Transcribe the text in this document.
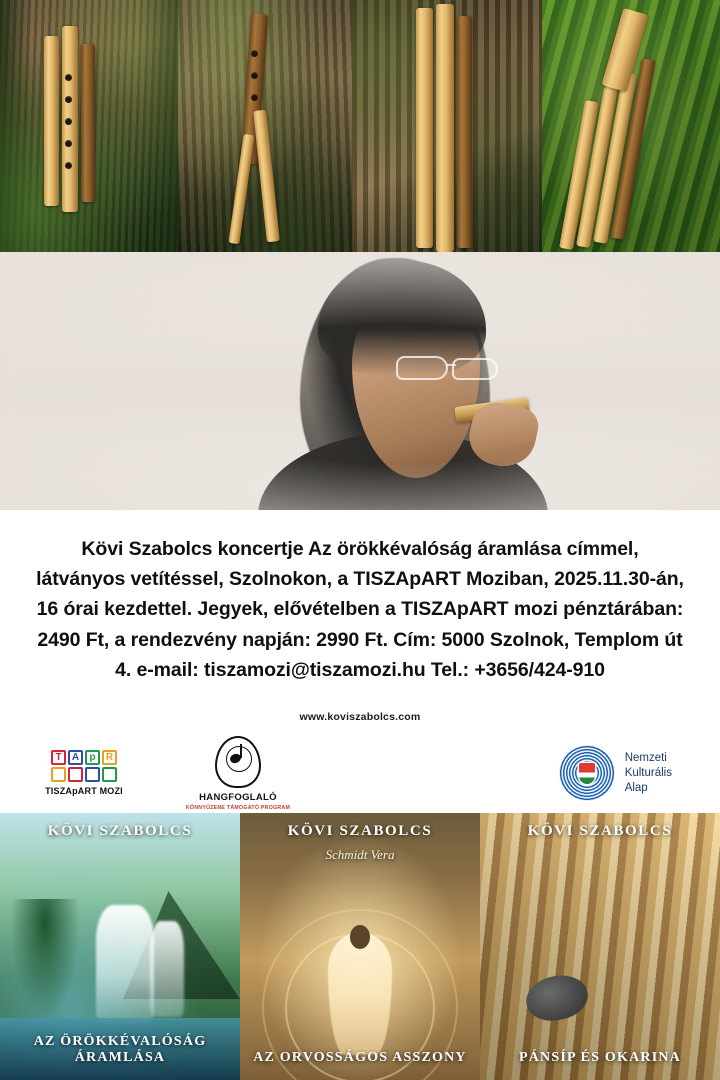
Kövi Szabolcs koncertje Az örökkévalóság áramlása címmel, látványos vetítéssel, Szolnokon, a TISZApART Moziban, 2025.11.30-án, 16 órai kezdettel. Jegyek, elővételben a TISZApART mozi pénztárában: 2490 Ft, a rendezvény napján: 2990 Ft. Cím: 5000 Szolnok, Templom út 4. e-mail: tiszamozi@tiszamozi.hu Tel.: +3656/424-910

www.koviszabolcs.com
T A p R
TISZApART MOZI
HANGFOGLALÓ
KÖNNYŰZENE TÁMOGATÓ PROGRAM
Nemzeti
Kulturális
Alap
KÖVI SZABOLCS
AZ ÖRÖKKÉVALÓSÁG ÁRAMLÁSA
KÖVI SZABOLCS
Schmidt Vera
AZ ORVOSSÁGOS ASSZONY
KÖVI SZABOLCS
PÁNSÍP ÉS OKARINA
